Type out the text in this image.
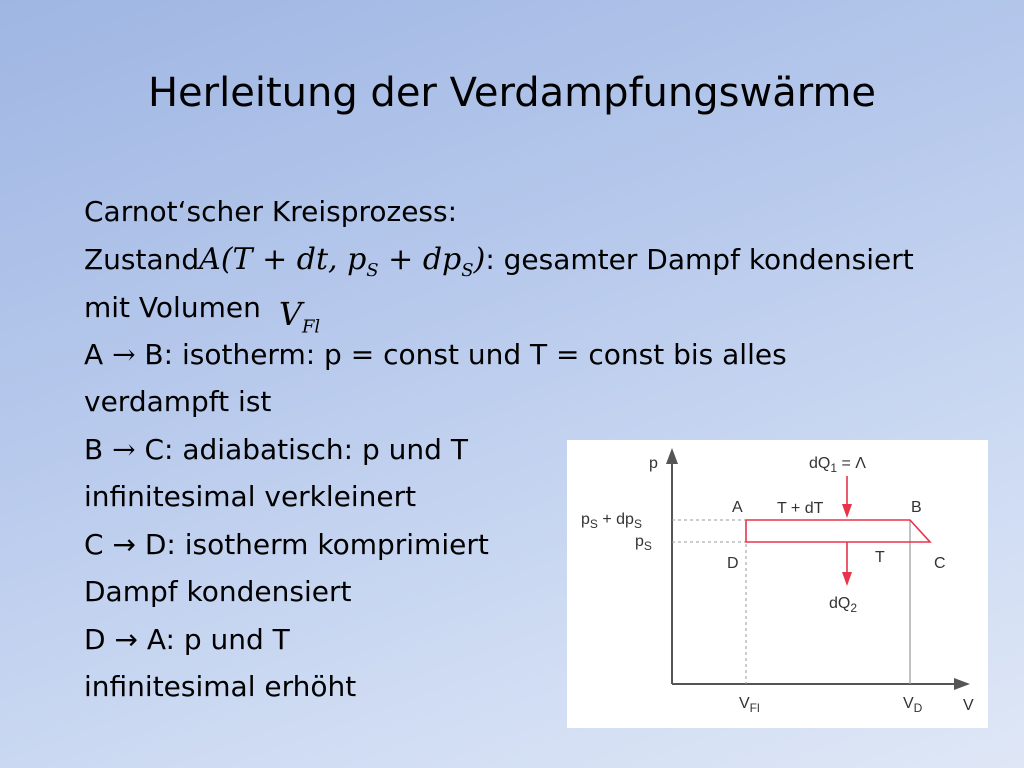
Herleitung der Verdampfungswärme
Carnot‘scher Kreisprozess:
ZustandA(T + dt, $p_S + dp_S$): gesamter Dampf kondensiert
mit Volumen $V_{Fl}$
A → B: isotherm: p = const und T = const bis alles
verdampft ist
B → C: adiabatisch: p und T
infinitesimal verkleinert
C → D: isotherm komprimiert
Dampf kondensiert
D → A: p und T
infinitesimal erhöht
p
V
$p_S + dp_S$
$p_S$
$dQ_1 = \Lambda$
$dQ_2$
A	B
C
D
T + dT
T
$V_{Fl}$	$V_D$
